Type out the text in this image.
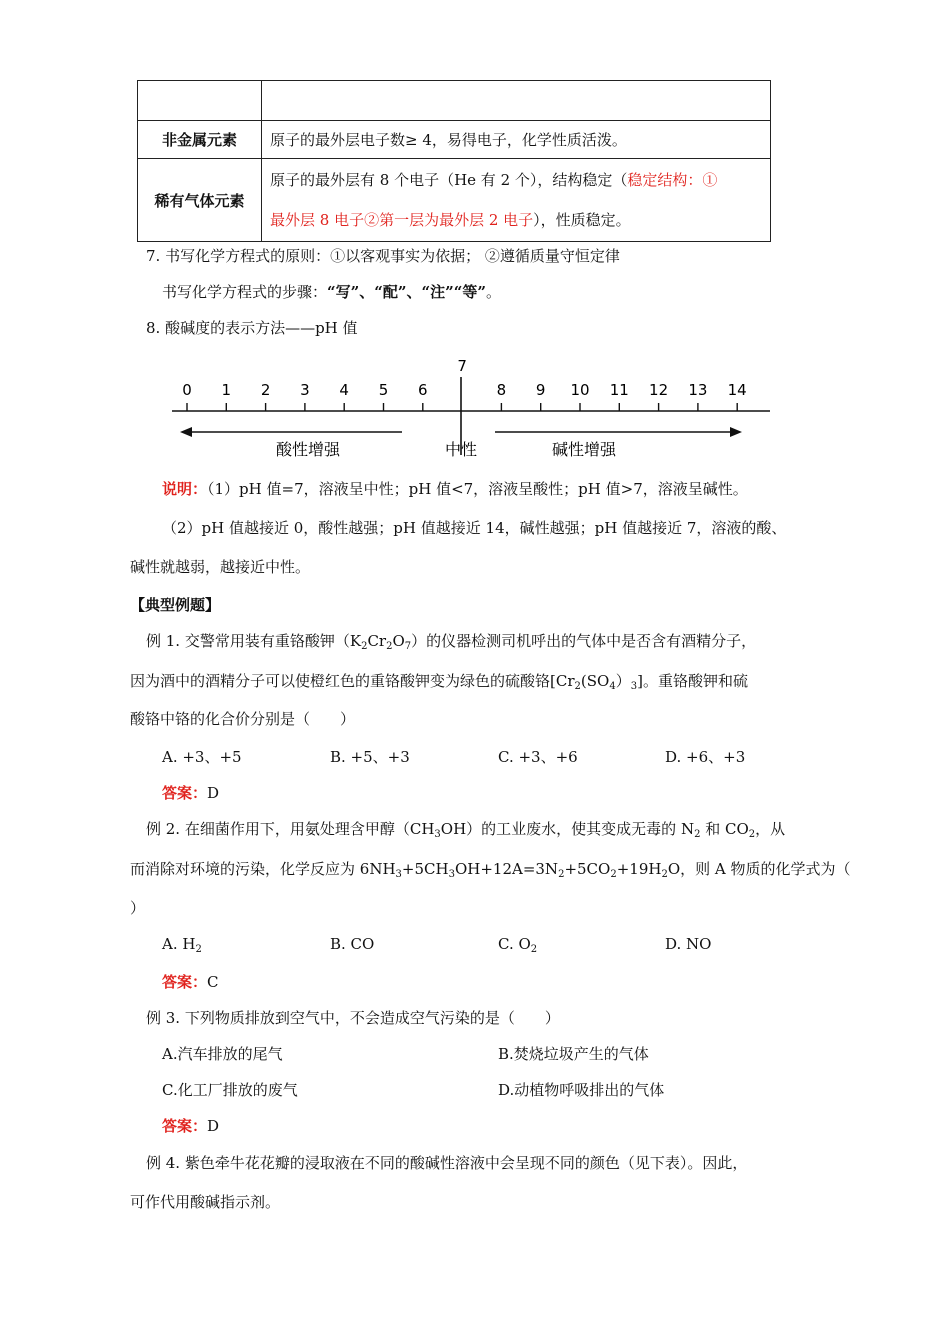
非金属元素	原子的最外层电子数≥ 4，易得电子，化学性质活泼。
稀有气体元素	原子的最外层有 8 个电子（He 有 2 个），结构稳定（稳定结构：①
最外层 8 电子②第一层为最外层 2 电子），性质稳定。
7. 书写化学方程式的原则：①以客观事实为依据； ②遵循质量守恒定律
书写化学方程式的步骤：“写”、“配”、“注”“等”。
8. 酸碱度的表示方法——pH 值
0 1 2 3 4 5 6
7
8 9 10 11 12 13 14
酸性增强	中性	碱性增强
说明：（1）pH 值=7，溶液呈中性；pH 值<7，溶液呈酸性；pH 值>7，溶液呈碱性。
（2）pH 值越接近 0，酸性越强；pH 值越接近 14，碱性越强；pH 值越接近 7，溶液的酸、
碱性就越弱，越接近中性。
【典型例题】
例 1. 交警常用装有重铬酸钾$(K_2Cr_2O_7)$的仪器检测司机呼出的气体中是否含有酒精分子，
因为酒中的酒精分子可以使橙红色的重铬酸钾变为绿色的硫酸铬$[Cr_2(SO_4)_3]$。重铬酸钾和硫
酸铬中铬的化合价分别是（　　）
A. +3、+5	B. +5、+3	C. +3、+6	D. +6、+3
答案：D
例 2. 在细菌作用下，用氨处理含甲醇$(CH_3OH)$的工业废水，使其变成无毒的 $N_2$ 和 $CO_2$，从
而消除对环境的污染，化学反应为 $6NH_3+5CH_3OH+12A=3N_2+5CO_2+19H_2O$，则 A 物质的化学式为（
）
A. $H_2$	B. CO	C. $O_2$	D. NO
答案：C
例 3. 下列物质排放到空气中，不会造成空气污染的是（　　）
A.汽车排放的尾气	B.焚烧垃圾产生的气体
C.化工厂排放的废气	D.动植物呼吸排出的气体
答案：D
例 4. 紫色牵牛花花瓣的浸取液在不同的酸碱性溶液中会呈现不同的颜色（见下表）。因此，
可作代用酸碱指示剂。
